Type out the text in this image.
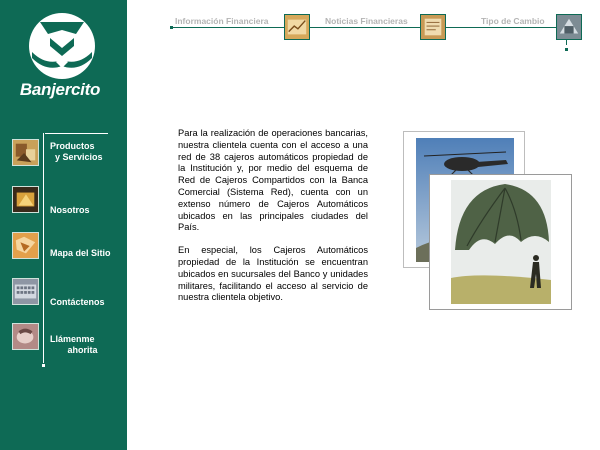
Banjercito
Productos
y Servicios
Nosotros
Mapa del Sitio
Contáctenos
Llámenme
ahorita
Información Financiera	Noticias Financieras	Tipo de Cambio

Para la realización de operaciones bancarias, nuestra clientela cuenta con el acceso a una red de 38 cajeros automáticos propiedad de la Institución y, por medio del esquema de Red de Cajeros Compartidos con la Banca Comercial (Sistema Red), cuenta con un extenso número de Cajeros Automáticos ubicados en las principales ciudades del País.

En especial, los Cajeros Automáticos propiedad de la Institución se encuentran ubicados en sucursales del Banco y unidades militares, facilitando el acceso al servicio de nuestra clientela objetivo.
